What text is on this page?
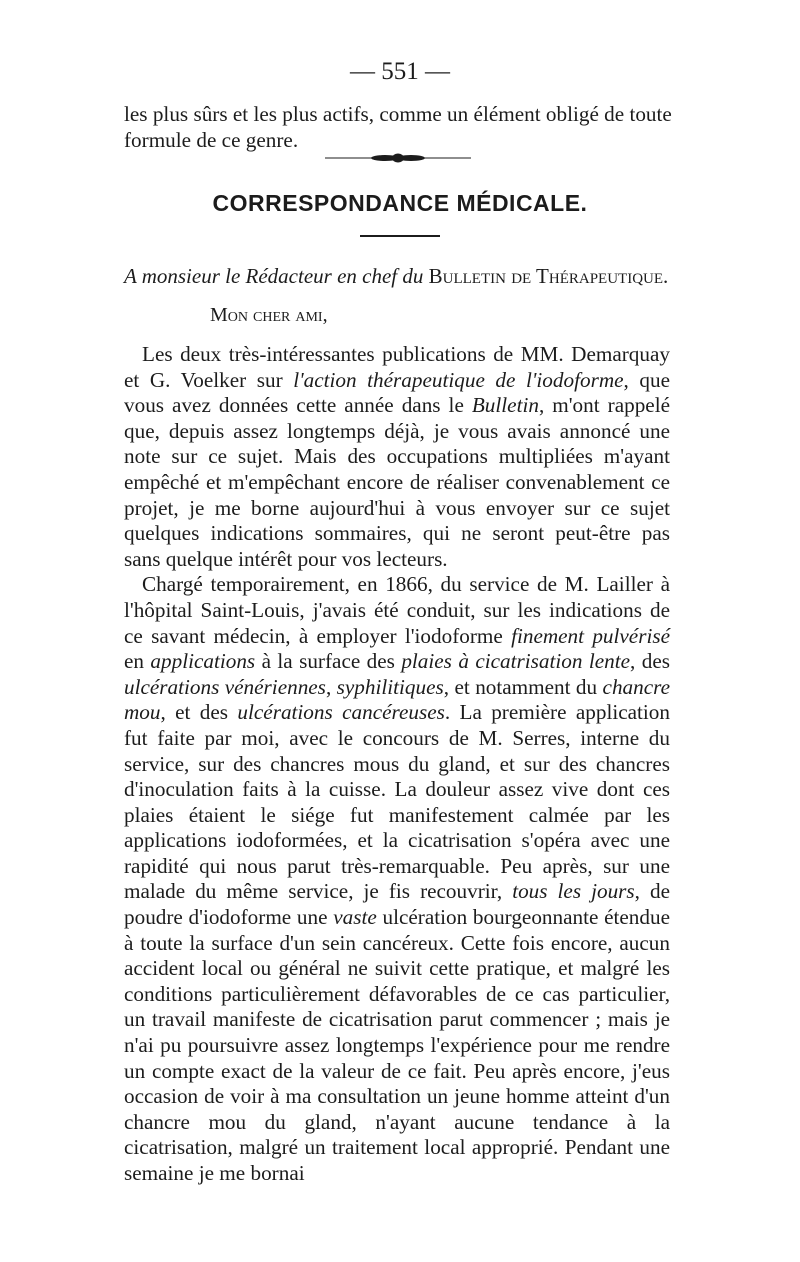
— 551 —
les plus sûrs et les plus actifs, comme un élément obligé de toute
formule de ce genre.
CORRESPONDANCE MÉDICALE.
A monsieur le Rédacteur en chef du Bulletin de Thérapeutique.
Mon cher ami,

Les deux très-intéressantes publications de MM. Demarquay et G. Voelker sur l'action thérapeutique de l'iodoforme, que vous avez données cette année dans le Bulletin, m'ont rappelé que, depuis assez longtemps déjà, je vous avais annoncé une note sur ce sujet. Mais des occupations multipliées m'ayant empêché et m'empêchant encore de réaliser convenablement ce projet, je me borne aujourd'hui à vous envoyer sur ce sujet quelques indications sommaires, qui ne seront peut-être pas sans quelque intérêt pour vos lecteurs.

Chargé temporairement, en 1866, du service de M. Lailler à l'hôpital Saint-Louis, j'avais été conduit, sur les indications de ce savant médecin, à employer l'iodoforme finement pulvérisé en applications à la surface des plaies à cicatrisation lente, des ulcérations vénériennes, syphilitiques, et notamment du chancre mou, et des ulcérations cancéreuses. La première application fut faite par moi, avec le concours de M. Serres, interne du service, sur des chancres mous du gland, et sur des chancres d'inoculation faits à la cuisse. La douleur assez vive dont ces plaies étaient le siége fut manifestement calmée par les applications iodoformées, et la cicatrisation s'opéra avec une rapidité qui nous parut très-remarquable. Peu après, sur une malade du même service, je fis recouvrir, tous les jours, de poudre d'iodoforme une vaste ulcération bourgeonnante étendue à toute la surface d'un sein cancéreux. Cette fois encore, aucun accident local ou général ne suivit cette pratique, et malgré les conditions particulièrement défavorables de ce cas particulier, un travail manifeste de cicatrisation parut commencer ; mais je n'ai pu poursuivre assez longtemps l'expérience pour me rendre un compte exact de la valeur de ce fait. Peu après encore, j'eus occasion de voir à ma consultation un jeune homme atteint d'un chancre mou du gland, n'ayant aucune tendance à la cicatrisation, malgré un traitement local approprié. Pendant une semaine je me bornai
